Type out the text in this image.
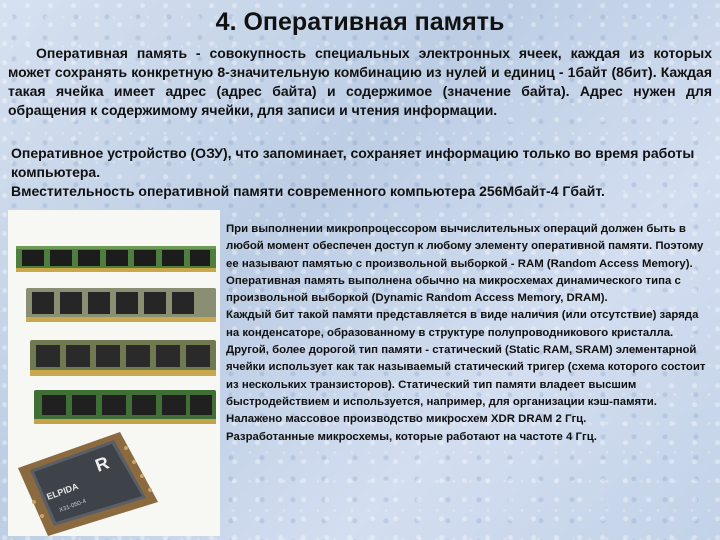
4. Оперативная память
Оперативная память - совокупность специальных электронных ячеек, каждая из которых может сохранять конкретную 8-значительную комбинацию из нулей и единиц - 1байт (8бит). Каждая такая ячейка имеет адрес (адрес байта) и содержимое (значение байта). Адрес нужен для обращения к содержимому ячейки, для записи и чтения информации.
Оперативное устройство (ОЗУ), что запоминает, сохраняет информацию только во время работы компьютера.
Вместительность оперативной памяти современного компьютера 256Мбайт-4 Гбайт.
ELPIDA
R
X31-050-4
При выполнении микропроцессором вычислительных операций должен быть в любой момент обеспечен доступ к любому элементу оперативной памяти. Поэтому ее называют памятью с произвольной выборкой - RAM (Random Access Memory).
Оперативная память выполнена обычно на микросхемах динамического типа с произвольной выборкой (Dynamic Random Access Memory, DRAM).
Каждый бит такой памяти представляется в виде наличия (или отсутствие) заряда на конденсаторе, образованному в структуре полупроводникового кристалла. Другой, более дорогой тип памяти - статический (Static RAM, SRAM) элементарной ячейки использует как так называемый статический тригер (схема которого состоит из нескольких транзисторов). Статический тип памяти владеет высшим быстродействием и используется, например, для организации кэш-памяти.
Налажено массовое производство микросхем XDR DRAM 2 Ггц.
Разработанные микросхемы, которые работают на частоте 4 Ггц.
